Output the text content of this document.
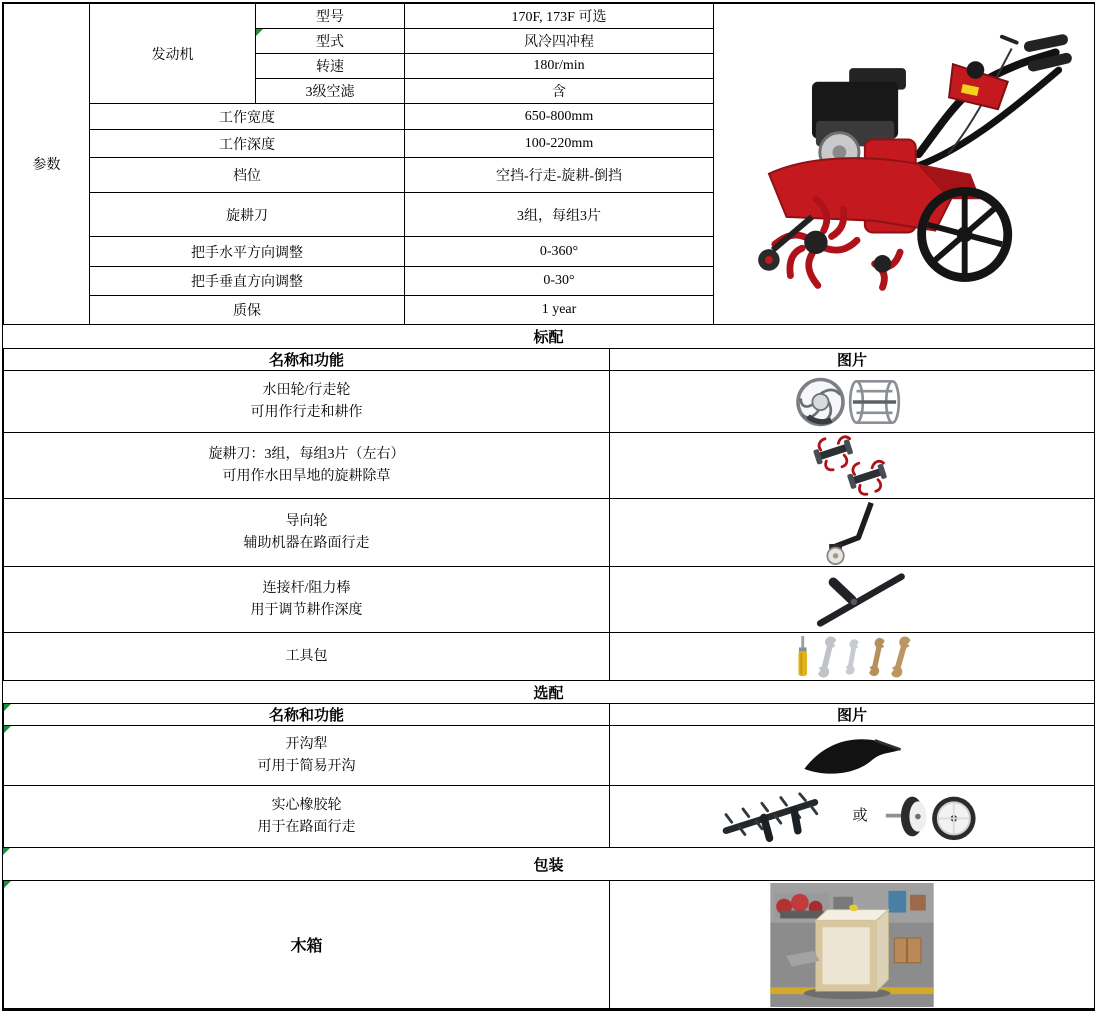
参数	发动机	型号	170F, 173F 可选	

型式	风冷四冲程	
		转速	180r/min	
		3级空滤	含	
	工作宽度		650-800mm	
	工作深度		100-220mm	
	档位		空挡-行走-旋耕-倒挡	
	旋耕刀		3组，每组3片	
	把手水平方向调整		0-360°	
	把手垂直方向调整		0-30°	
	质保		1 year	
标配
名称和功能	图片

水田轮/行走轮
可用作行走和耕作

旋耕刀：3组，每组3片（左右）
可用作水田旱地的旋耕除草

导向轮
辅助机器在路面行走

连接杆/阻力棒
用于调节耕作深度

工具包

选配
名称和功能	图片

开沟犁
可用于简易开沟

实心橡胶轮
用于在路面行走	或
包装
木箱	
